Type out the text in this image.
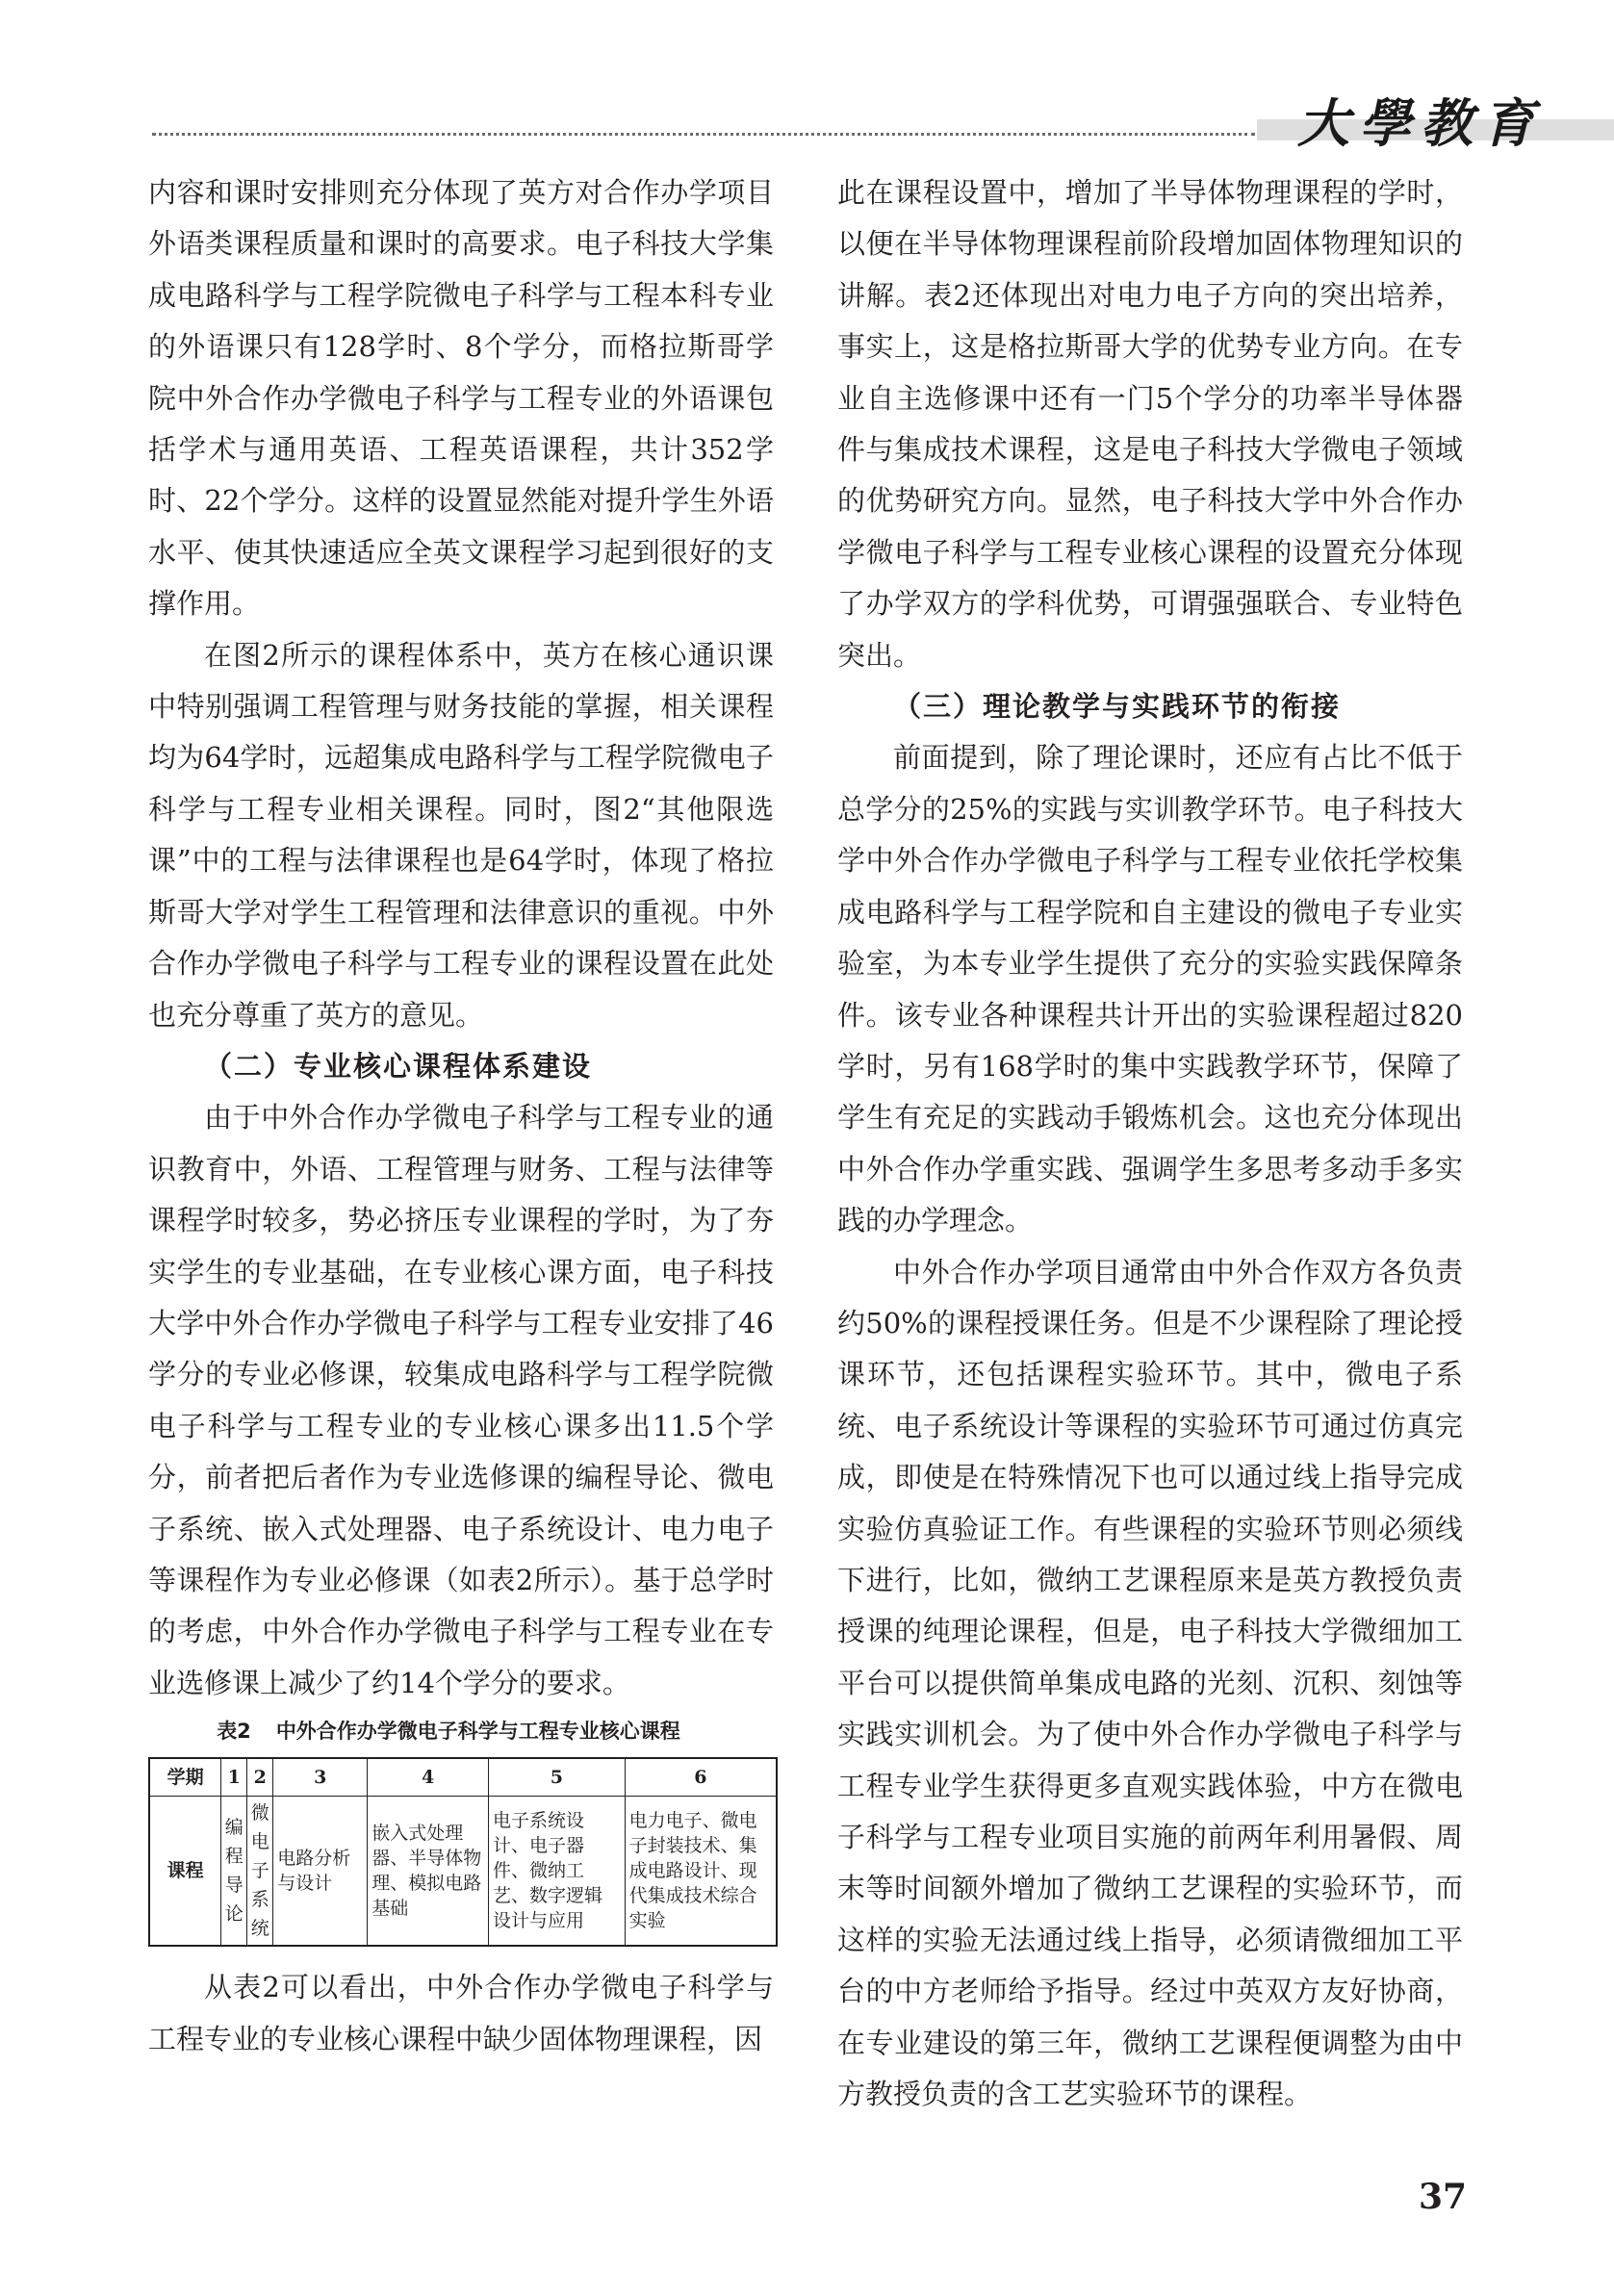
大學教育

内容和课时安排则充分体现了英方对合作办学项目外语类课程质量和课时的高要求。电子科技大学集成电路科学与工程学院微电子科学与工程本科专业的外语课只有128学时、8个学分，而格拉斯哥学院中外合作办学微电子科学与工程专业的外语课包括学术与通用英语、工程英语课程，共计352学时、22个学分。这样的设置显然能对提升学生外语水平、使其快速适应全英文课程学习起到很好的支撑作用。

在图2所示的课程体系中，英方在核心通识课中特别强调工程管理与财务技能的掌握，相关课程均为64学时，远超集成电路科学与工程学院微电子科学与工程专业相关课程。同时，图2“其他限选课”中的工程与法律课程也是64学时，体现了格拉斯哥大学对学生工程管理和法律意识的重视。中外合作办学微电子科学与工程专业的课程设置在此处也充分尊重了英方的意见。

（二）专业核心课程体系建设

由于中外合作办学微电子科学与工程专业的通识教育中，外语、工程管理与财务、工程与法律等课程学时较多，势必挤压专业课程的学时，为了夯实学生的专业基础，在专业核心课方面，电子科技大学中外合作办学微电子科学与工程专业安排了46学分的专业必修课，较集成电路科学与工程学院微电子科学与工程专业的专业核心课多出11.5个学分，前者把后者作为专业选修课的编程导论、微电子系统、嵌入式处理器、电子系统设计、电力电子等课程作为专业必修课（如表2所示）。基于总学时的考虑，中外合作办学微电子科学与工程专业在专业选修课上减少了约14个学分的要求。

表2 中外合作办学微电子科学与工程专业核心课程
学期	1	2	3	4	5	6
课程	编程导论	微电子系统	电路分析与设计	嵌入式处理器、半导体物理、模拟电路基础	电子系统设计、电子器件、微纳工艺、数字逻辑设计与应用	电力电子、微电子封装技术、集成电路设计、现代集成技术综合实验

从表2可以看出，中外合作办学微电子科学与工程专业的专业核心课程中缺少固体物理课程，因

此在课程设置中，增加了半导体物理课程的学时，以便在半导体物理课程前阶段增加固体物理知识的讲解。表2还体现出对电力电子方向的突出培养，事实上，这是格拉斯哥大学的优势专业方向。在专业自主选修课中还有一门5个学分的功率半导体器件与集成技术课程，这是电子科技大学微电子领域的优势研究方向。显然，电子科技大学中外合作办学微电子科学与工程专业核心课程的设置充分体现了办学双方的学科优势，可谓强强联合、专业特色突出。

（三）理论教学与实践环节的衔接

前面提到，除了理论课时，还应有占比不低于总学分的25%的实践与实训教学环节。电子科技大学中外合作办学微电子科学与工程专业依托学校集成电路科学与工程学院和自主建设的微电子专业实验室，为本专业学生提供了充分的实验实践保障条件。该专业各种课程共计开出的实验课程超过820学时，另有168学时的集中实践教学环节，保障了学生有充足的实践动手锻炼机会。这也充分体现出中外合作办学重实践、强调学生多思考多动手多实践的办学理念。

中外合作办学项目通常由中外合作双方各负责约50%的课程授课任务。但是不少课程除了理论授课环节，还包括课程实验环节。其中，微电子系统、电子系统设计等课程的实验环节可通过仿真完成，即使是在特殊情况下也可以通过线上指导完成实验仿真验证工作。有些课程的实验环节则必须线下进行，比如，微纳工艺课程原来是英方教授负责授课的纯理论课程，但是，电子科技大学微细加工平台可以提供简单集成电路的光刻、沉积、刻蚀等实践实训机会。为了使中外合作办学微电子科学与工程专业学生获得更多直观实践体验，中方在微电子科学与工程专业项目实施的前两年利用暑假、周末等时间额外增加了微纳工艺课程的实验环节，而这样的实验无法通过线上指导，必须请微细加工平台的中方老师给予指导。经过中英双方友好协商，在专业建设的第三年，微纳工艺课程便调整为由中方教授负责的含工艺实验环节的课程。

37
